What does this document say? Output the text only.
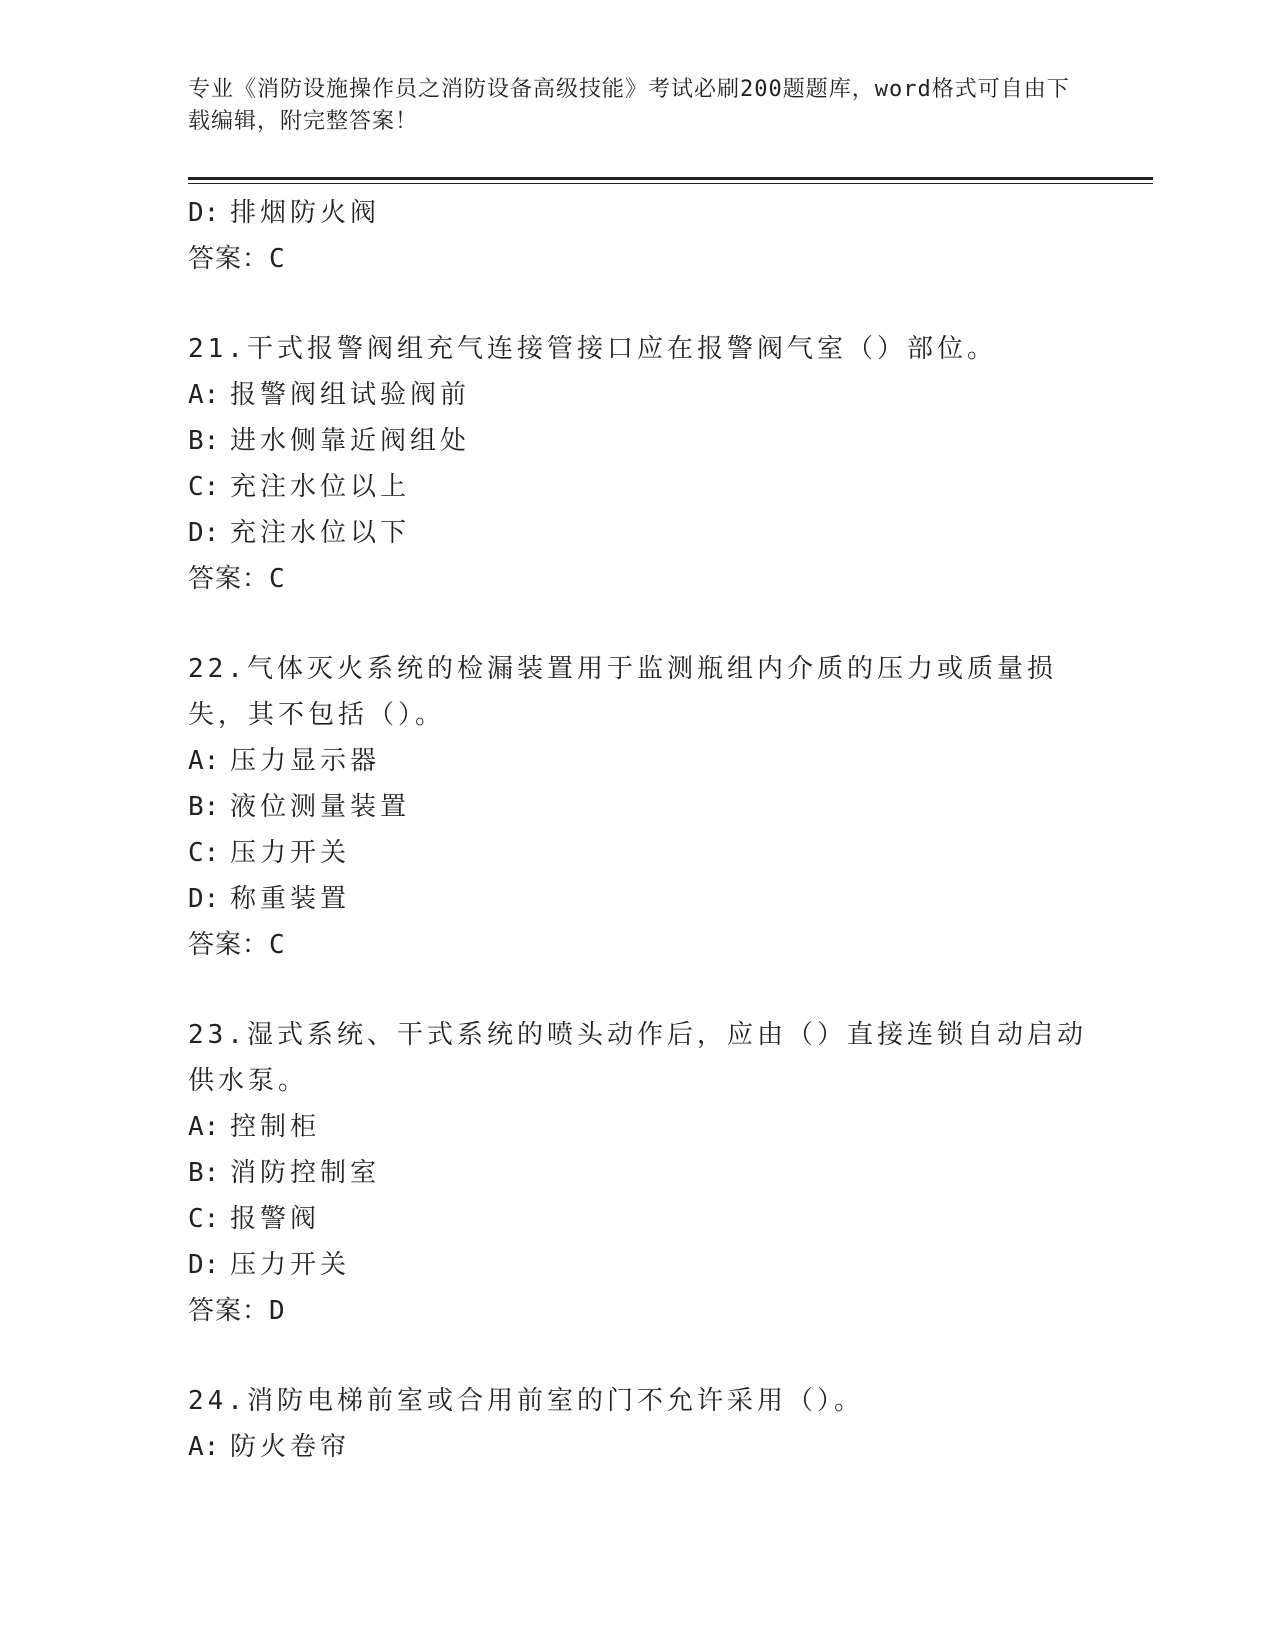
专业《消防设施操作员之消防设备高级技能》考试必刷200题题库，word格式可自由下载编辑，附完整答案！
D: 排烟防火阀
答案：C
21.干式报警阀组充气连接管接口应在报警阀气室（）部位。
A: 报警阀组试验阀前
B: 进水侧靠近阀组处
C: 充注水位以上
D: 充注水位以下
答案：C
22.气体灭火系统的检漏装置用于监测瓶组内介质的压力或质量损失，其不包括（）。
A: 压力显示器
B: 液位测量装置
C: 压力开关
D: 称重装置
答案：C
23.湿式系统、干式系统的喷头动作后，应由（）直接连锁自动启动供水泵。
A: 控制柜
B: 消防控制室
C: 报警阀
D: 压力开关
答案：D
24.消防电梯前室或合用前室的门不允许采用（）。
A: 防火卷帘
